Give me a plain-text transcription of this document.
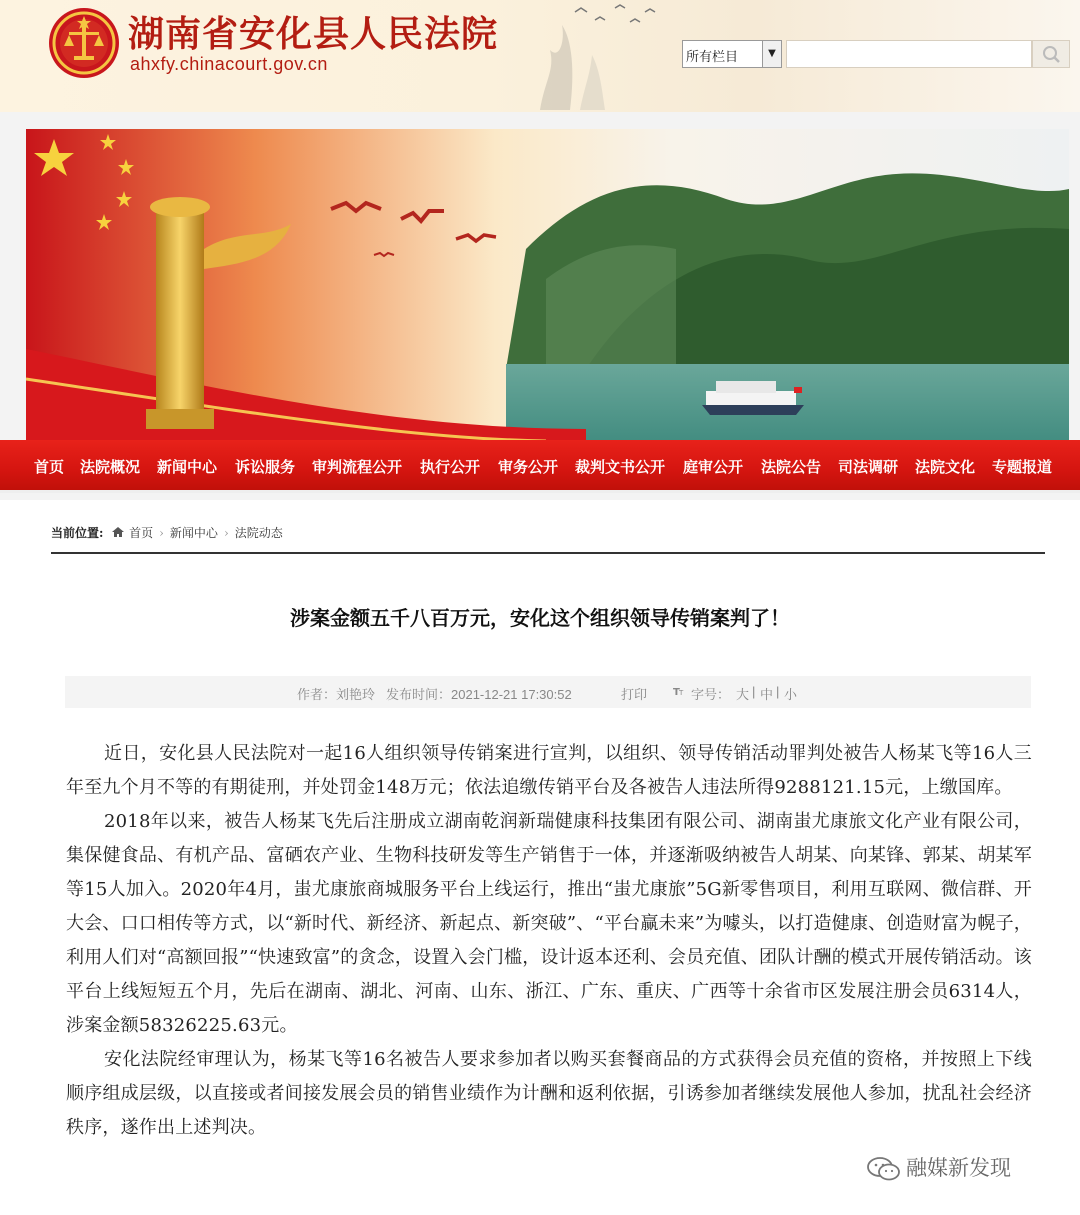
湖南省安化县人民法院
ahxfy.chinacourt.gov.cn	所有栏目	▼
首页 法院概况 新闻中心 诉讼服务 审判流程公开 执行公开 审务公开 裁判文书公开 庭审公开 法院公告 司法调研 法院文化 专题报道
当前位置: 首页 › 新闻中心 › 法院动态
涉案金额五千八百万元，安化这个组织领导传销案判了！
作者：刘艳玲 发布时间：2021-12-21 17:30:52	打印	T T 字号： 大 | 中 | 小

近日，安化县人民法院对一起16人组织领导传销案进行宣判，以组织、领导传销活动罪判处被告人杨某飞等16人三年至九个月不等的有期徒刑，并处罚金148万元；依法追缴传销平台及各被告人违法所得9288121.15元，上缴国库。

2018年以来，被告人杨某飞先后注册成立湖南乾润新瑞健康科技集团有限公司、湖南蚩尤康旅文化产业有限公司，集保健食品、有机产品、富硒农产业、生物科技研发等生产销售于一体，并逐渐吸纳被告人胡某、向某锋、郭某、胡某军等15人加入。2020年4月，蚩尤康旅商城服务平台上线运行，推出“蚩尤康旅”5G新零售项目，利用互联网、微信群、开大会、口口相传等方式，以“新时代、新经济、新起点、新突破”、“平台赢未来”为噱头，以打造健康、创造财富为幌子，利用人们对“高额回报”“快速致富”的贪念，设置入会门槛，设计返本还利、会员充值、团队计酬的模式开展传销活动。该平台上线短短五个月，先后在湖南、湖北、河南、山东、浙江、广东、重庆、广西等十余省市区发展注册会员6314人，涉案金额58326225.63元。

安化法院经审理认为，杨某飞等16名被告人要求参加者以购买套餐商品的方式获得会员充值的资格，并按照上下线顺序组成层级，以直接或者间接发展会员的销售业绩作为计酬和返利依据，引诱参加者继续发展他人参加，扰乱社会经济秩序，遂作出上述判决。

融媒新发现
